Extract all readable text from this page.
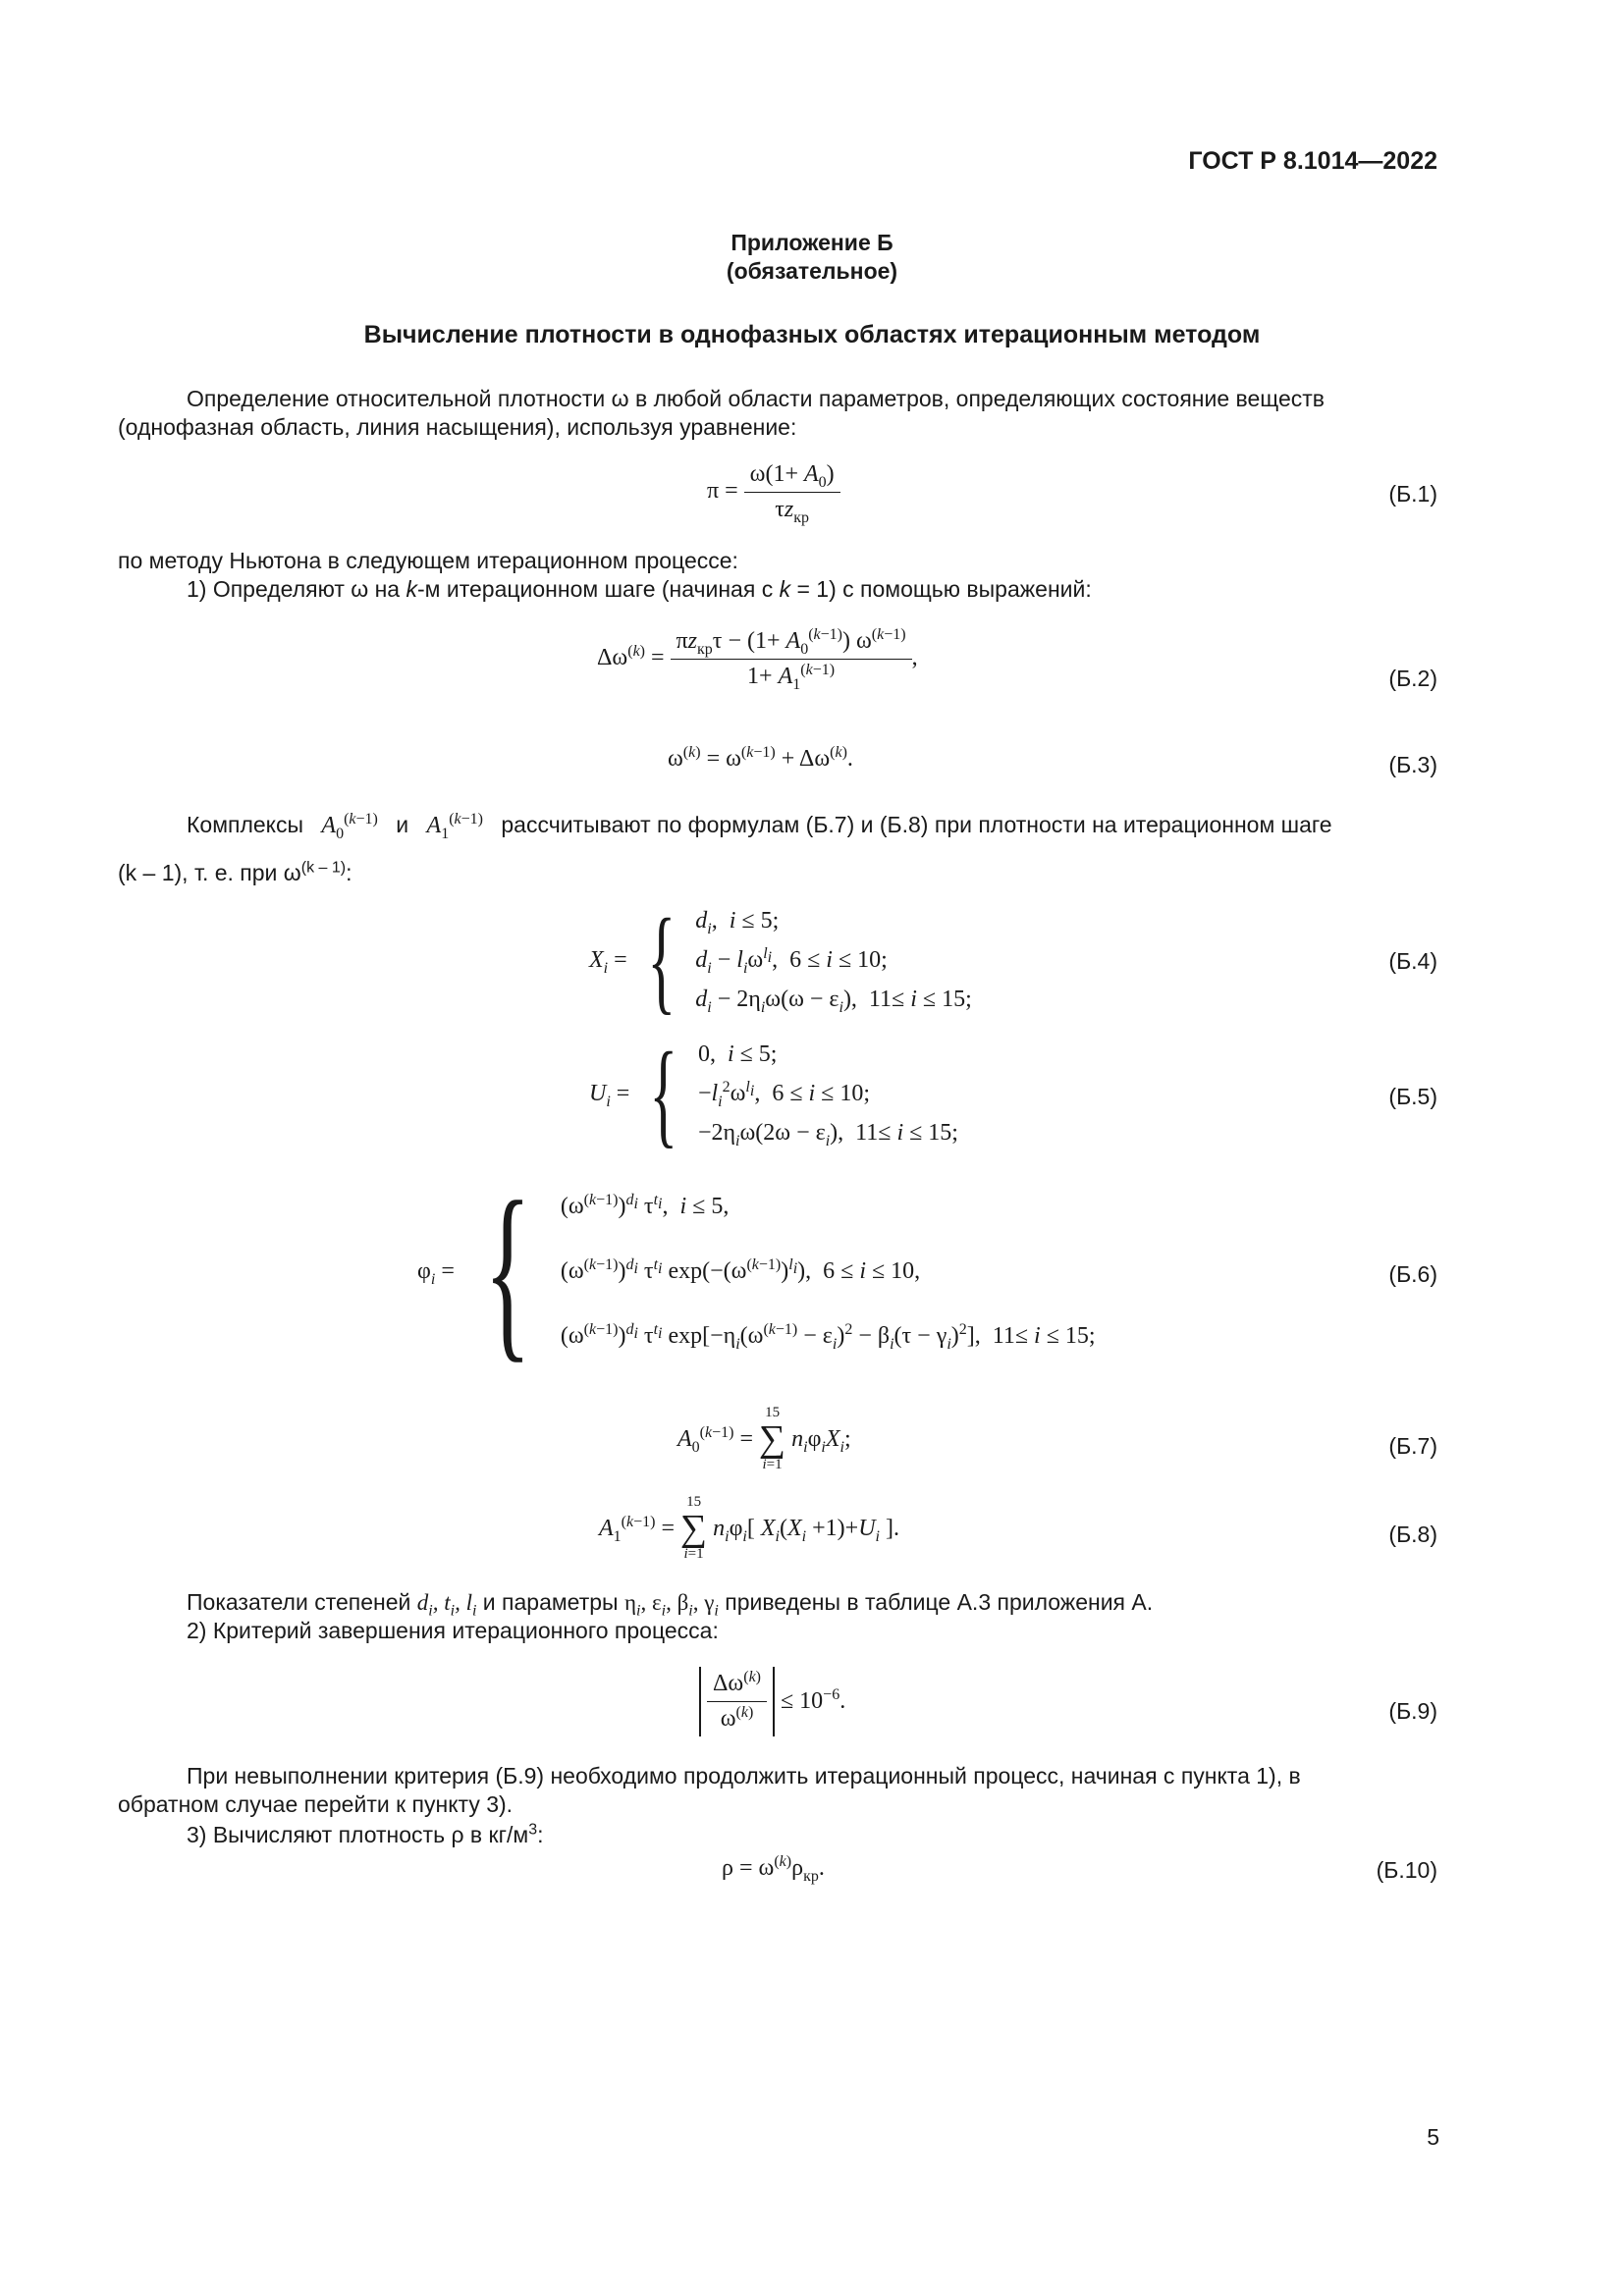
ГОСТ Р 8.1014—2022
Приложение Б
(обязательное)
Вычисление плотности в однофазных областях итерационным методом
Определение относительной плотности ω в любой области параметров, определяющих состояние веществ
(однофазная область, линия насыщения), используя уравнение:
$\pi = \frac{\omega(1+ A_0)}{\tau z_{кр}}$	(Б.1)
по методу Ньютона в следующем итерационном процессе:
1) Определяют ω на k-м итерационном шаге (начиная с k = 1) с помощью выражений:
$\Delta\omega^{(k)} = \frac{\pi z_{кр}\tau - (1+ A_0^{(k-1)}) \omega^{(k-1)}}{1+ A_1^{(k-1)}}$ ,
(Б.2)
$\omega^{(k)} = \omega^{(k-1)} + \Delta\omega^{(k)}$.	(Б.3)
Комплексы $A_0^{(k-1)}$ и $A_1^{(k-1)}$ рассчитывают по формулам (Б.7) и (Б.8) при плотности на итерационном шаге
(k – 1), т. е. при $\omega^{(k - 1)}$:
$X_i$ = { $d_i$,  i ≤ 5;
$d_i - l_i\omega^{l_i}$,  6 ≤ i ≤ 10;
$d_i - 2\eta_i\omega(\omega - \varepsilon_i)$,  11≤ i ≤ 15;
(Б.4)
$U_i$ = { 0,  i ≤ 5;
$-l_i^2\omega^{l_i}$,  6 ≤ i ≤ 10;
$-2\eta_i\omega(2\omega - \varepsilon_i)$,  11≤ i ≤ 15;
(Б.5)
$\varphi_i$ = { $(\omega^{(k-1)})^{d_i}$ $\tau^{t_i}$,  i ≤ 5,
$(\omega^{(k-1)})^{d_i}$ $\tau^{t_i}$ $\exp(-(\omega^{(k-1)})^{l_i})$,  6 ≤ i ≤ 10,
$(\omega^{(k-1)})^{d_i}$ $\tau^{t_i}$ $\exp[-\eta_i(\omega^{(k-1)} - \varepsilon_i)^2 - \beta_i(\tau - \gamma_i)^2]$,  11≤ i ≤ 15;
(Б.6)
$A_0^{(k-1)}$ =
15
∑
i=1
$n_i\varphi_iX_i$;	(Б.7)
$A_1^{(k-1)}$ =
15
∑
i=1
$n_i\varphi_i$[ $X_i(X_i +1)+U_i$ ].	(Б.8)
Показатели степеней $d_i$, $t_i$, $l_i$ и параметры $\eta_i$, $\varepsilon_i$, $\beta_i$, $\gamma_i$ приведены в таблице А.3 приложения А.
2) Критерий завершения итерационного процесса:
$\frac{\Delta\omega^{(k)}}{\omega^{(k)}} \le 10^{-6}$.	(Б.9)
При невыполнении критерия (Б.9) необходимо продолжить итерационный процесс, начиная с пункта 1), в
обратном случае перейти к пункту 3).
3) Вычисляют плотность ρ в $кг/м^3$:
$\rho = \omega^{(k)}\rho_{кр}$.	(Б.10)
5
